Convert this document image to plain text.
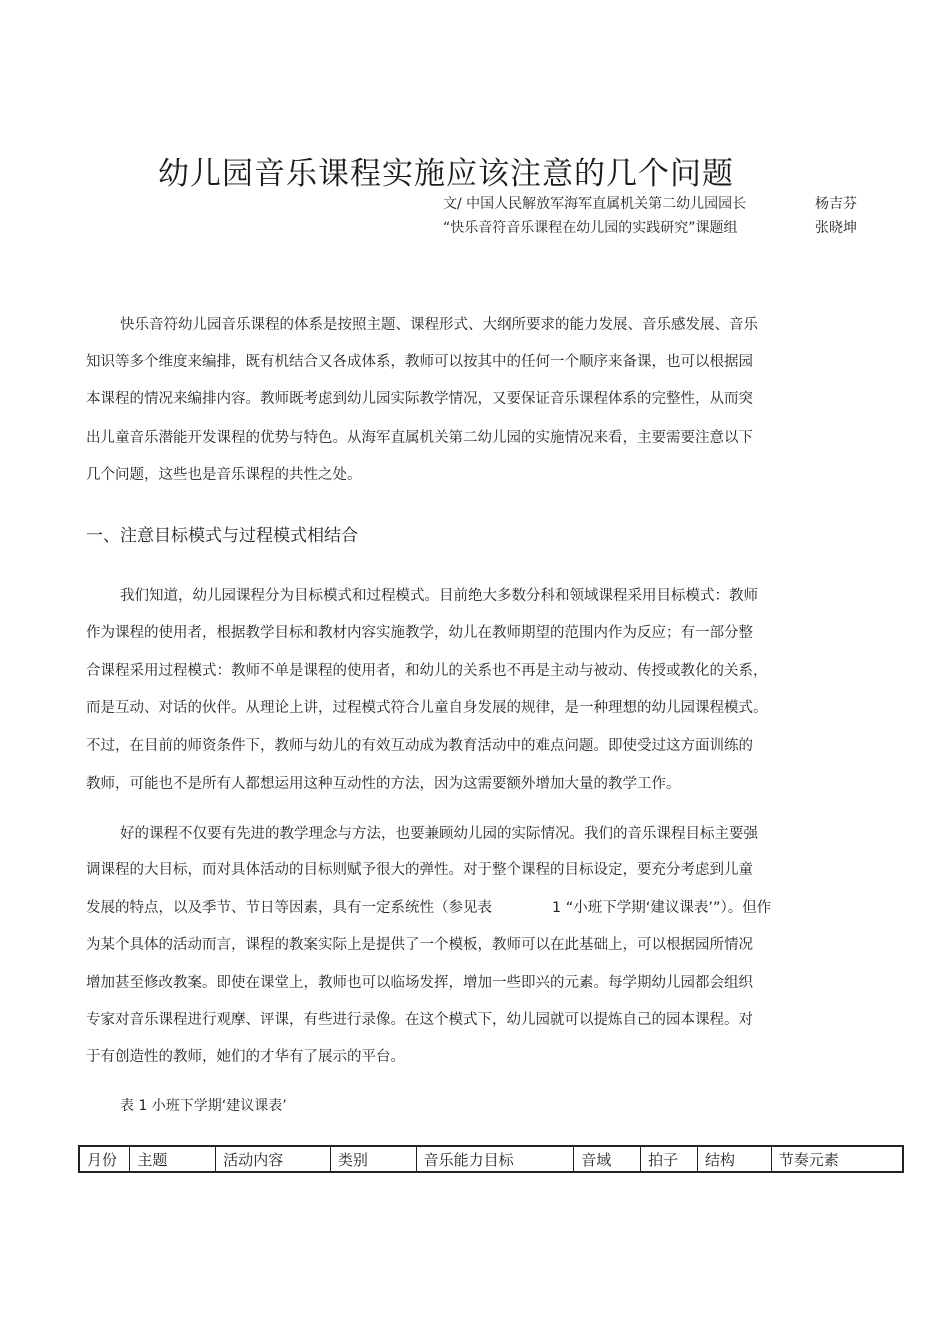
幼儿园音乐课程实施应该注意的几个问题
文/ 中国人民解放军海军直属机关第二幼儿园园长	杨吉芬
“快乐音符音乐课程在幼儿园的实践研究”课题组	张晓坤
快乐音符幼儿园音乐课程的体系是按照主题、课程形式、大纲所要求的能力发展、音乐感发展、音乐
知识等多个维度来编排，既有机结合又各成体系，教师可以按其中的任何一个顺序来备课，也可以根据园
本课程的情况来编排内容。教师既考虑到幼儿园实际教学情况，又要保证音乐课程体系的完整性，从而突
出儿童音乐潜能开发课程的优势与特色。从海军直属机关第二幼儿园的实施情况来看，主要需要注意以下
几个问题，这些也是音乐课程的共性之处。
一、注意目标模式与过程模式相结合
我们知道，幼儿园课程分为目标模式和过程模式。目前绝大多数分科和领域课程采用目标模式：教师
作为课程的使用者，根据教学目标和教材内容实施教学，幼儿在教师期望的范围内作为反应；有一部分整
合课程采用过程模式：教师不单是课程的使用者，和幼儿的关系也不再是主动与被动、传授或教化的关系，
而是互动、对话的伙伴。从理论上讲，过程模式符合儿童自身发展的规律，是一种理想的幼儿园课程模式。
不过，在目前的师资条件下，教师与幼儿的有效互动成为教育活动中的难点问题。即使受过这方面训练的
教师，可能也不是所有人都想运用这种互动性的方法，因为这需要额外增加大量的教学工作。
好的课程不仅要有先进的教学理念与方法，也要兼顾幼儿园的实际情况。我们的音乐课程目标主要强
调课程的大目标，而对具体活动的目标则赋予很大的弹性。对于整个课程的目标设定，要充分考虑到儿童
发展的特点，以及季节、节日等因素，具有一定系统性（参见表             1 “小班下学期‘建议课表’”）。但作
为某个具体的活动而言，课程的教案实际上是提供了一个模板，教师可以在此基础上，可以根据园所情况
增加甚至修改教案。即使在课堂上，教师也可以临场发挥，增加一些即兴的元素。每学期幼儿园都会组织
专家对音乐课程进行观摩、评课，有些进行录像。在这个模式下，幼儿园就可以提炼自己的园本课程。对
于有创造性的教师，她们的才华有了展示的平台。
表 1 小班下学期‘建议课表’
月份	主题	活动内容	类别	音乐能力目标	音域	拍子	结构	节奏元素
